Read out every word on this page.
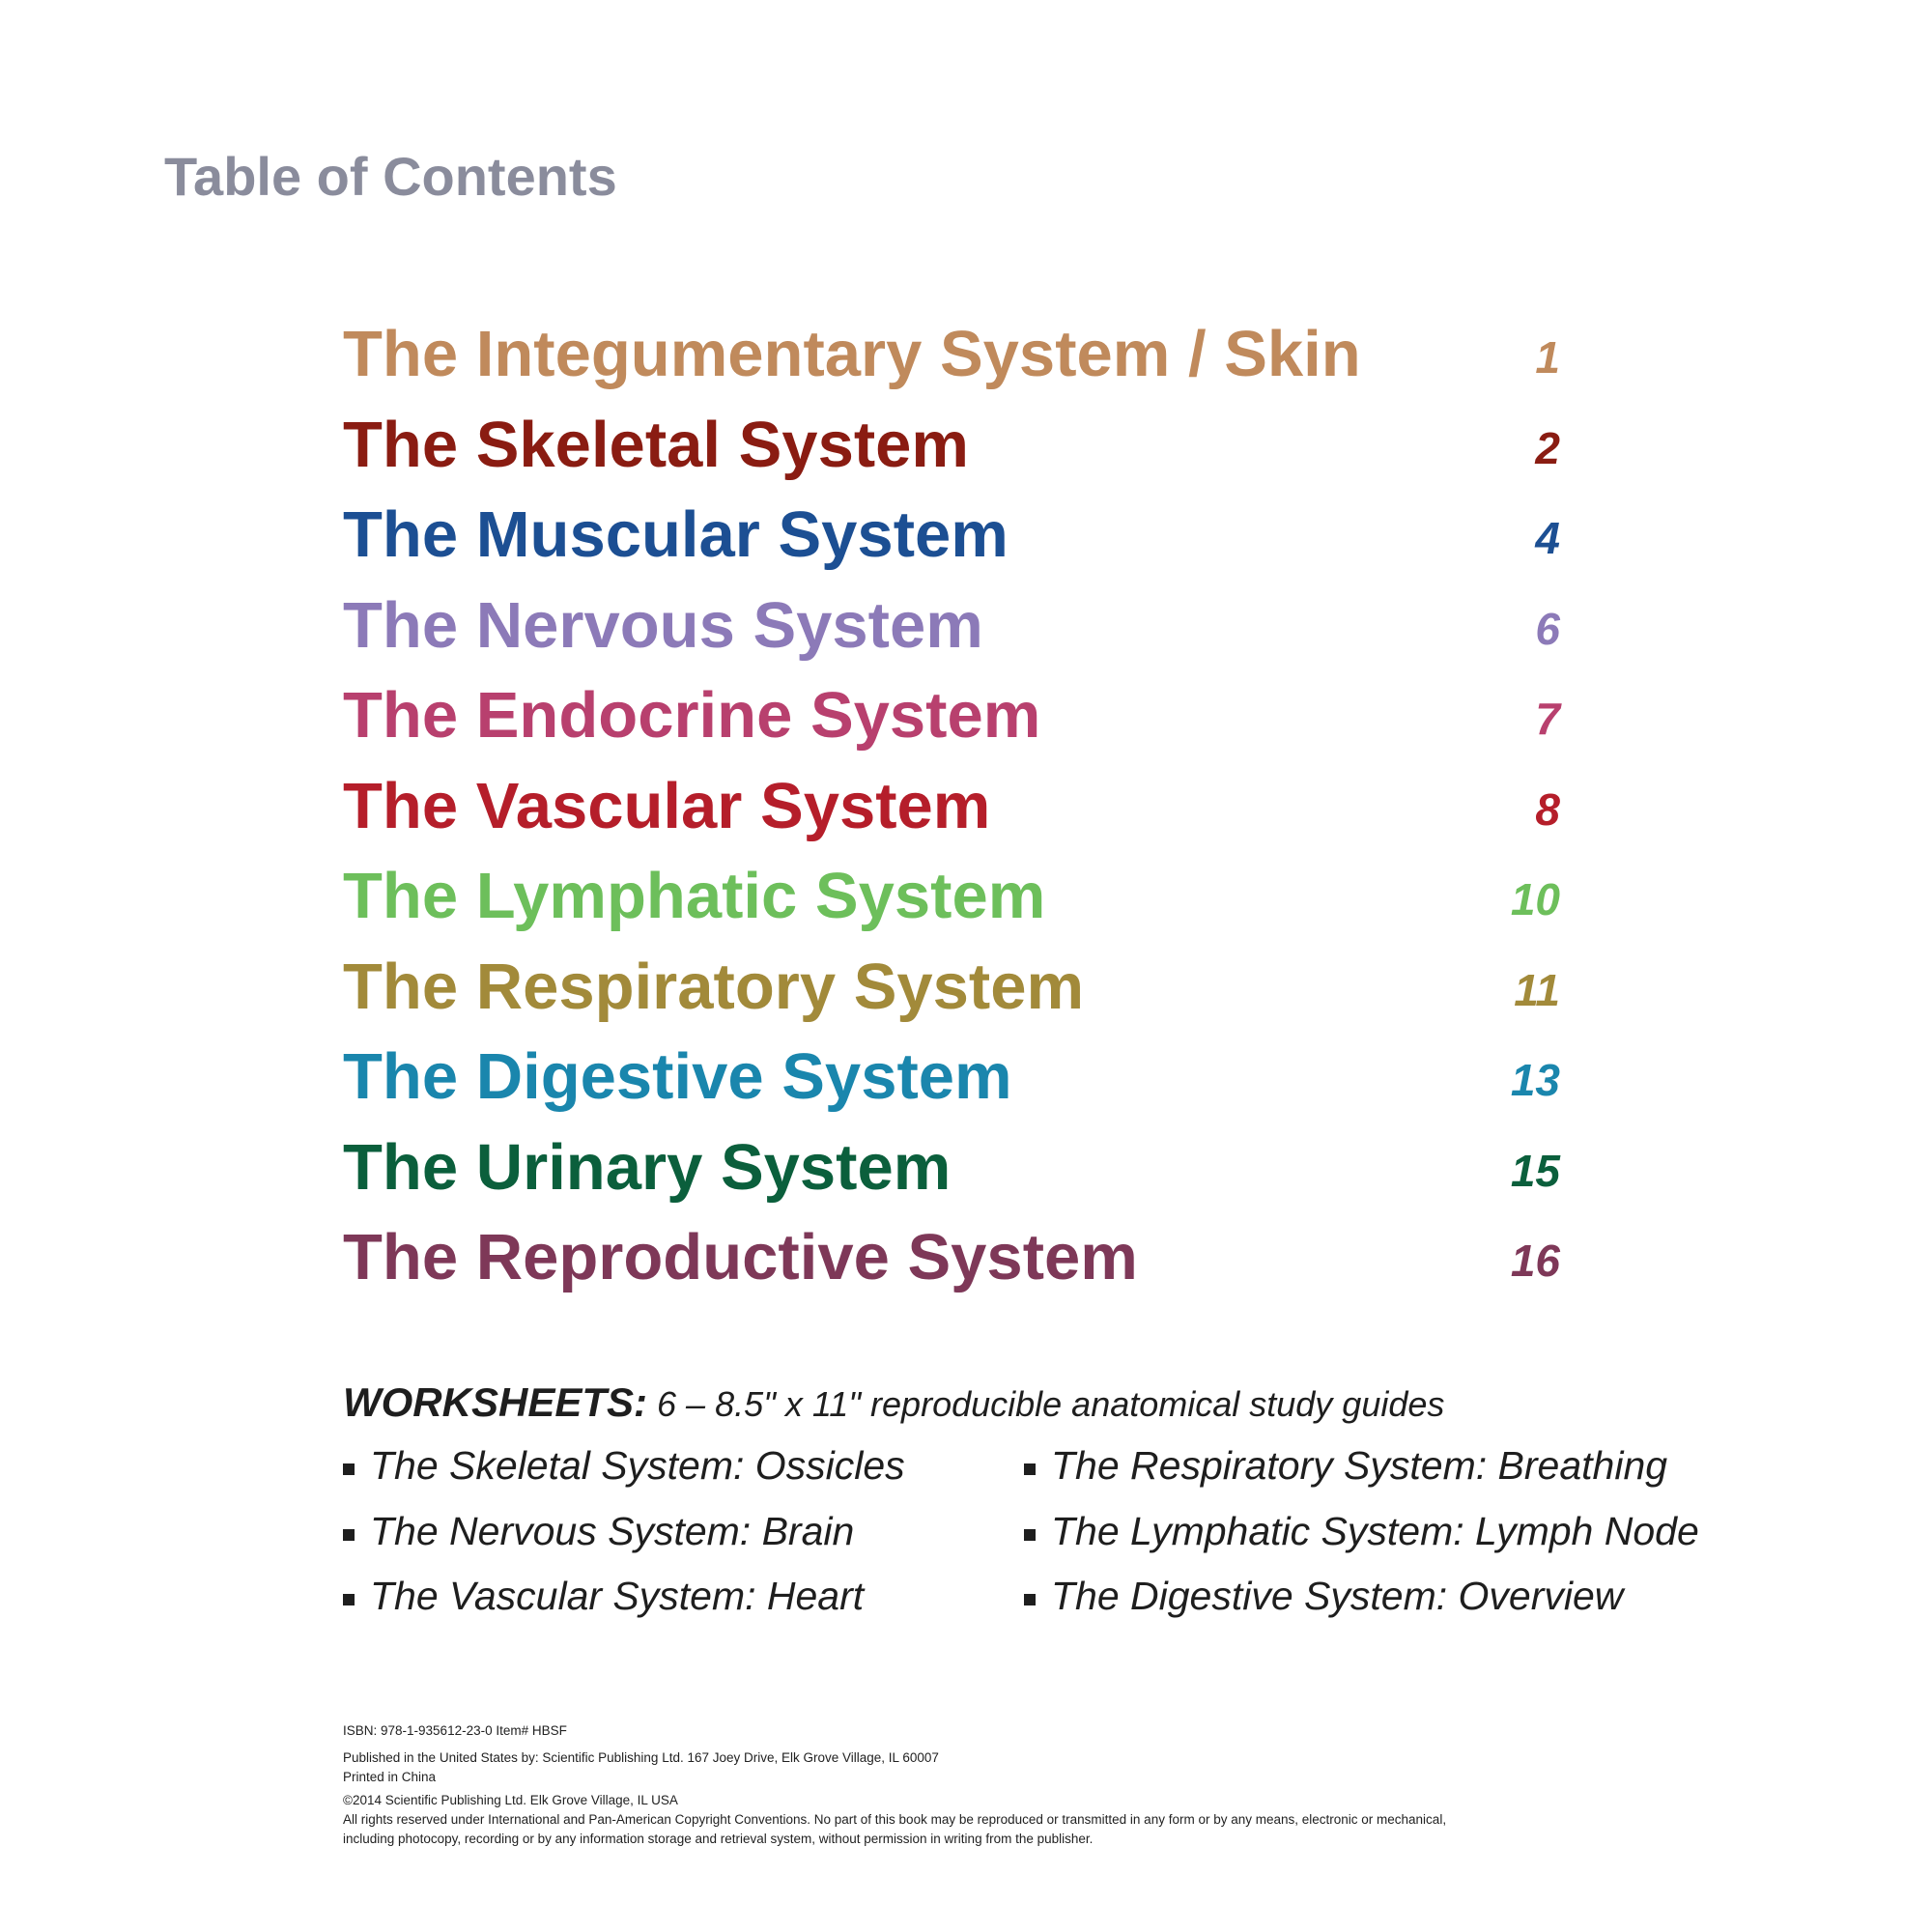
Table of Contents
The Integumentary System / Skin	1
The Skeletal System	2
The Muscular System	4
The Nervous System	6
The Endocrine System	7
The Vascular System	8
The Lymphatic System	10
The Respiratory System	11
The Digestive System	13
The Urinary System	15
The Reproductive System	16
WORKSHEETS: 6 – 8.5" x 11" reproducible anatomical study guides
The Skeletal System: Ossicles
The Nervous System: Brain
The Vascular System: Heart
The Respiratory System: Breathing
The Lymphatic System: Lymph Node
The Digestive System: Overview

ISBN: 978-1-935612-23-0 Item# HBSF

Published in the United States by: Scientific Publishing Ltd. 167 Joey Drive, Elk Grove Village, IL 60007

Printed in China

©2014 Scientific Publishing Ltd. Elk Grove Village, IL USA

All rights reserved under International and Pan-American Copyright Conventions. No part of this book may be reproduced or transmitted in any form or by any means, electronic or mechanical, including photocopy, recording or by any information storage and retrieval system, without permission in writing from the publisher.
